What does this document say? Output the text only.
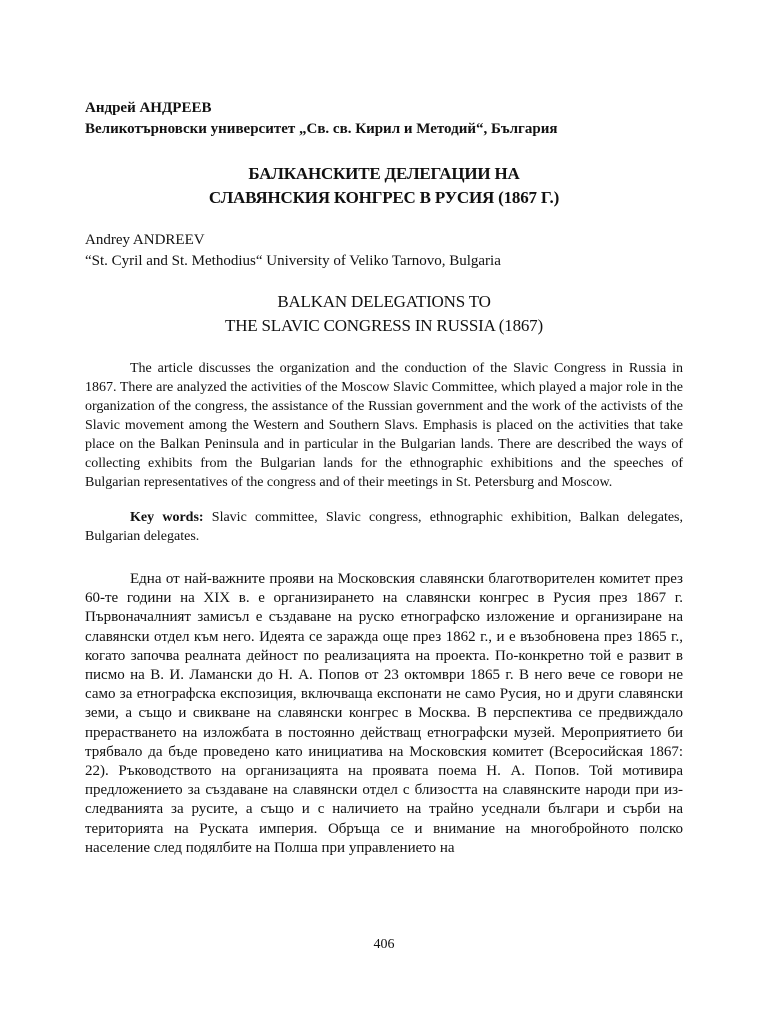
Андрей АНДРЕЕВ

Великотърновски университет „Св. св. Кирил и Методий“, България

БАЛКАНСКИТЕ ДЕЛЕГАЦИИ НА
СЛАВЯНСКИЯ КОНГРЕС В РУСИЯ (1867 Г.)

Andrey ANDREEV

“St. Cyril and St. Methodius“ University of Veliko Tarnovo, Bulgaria

BALKAN DELEGATIONS TO
THE SLAVIC CONGRESS IN RUSSIA (1867)

The article discusses the organization and the conduction of the Slavic Congress in Russia in 1867. There are analyzed the activities of the Moscow Slavic Committee, which played a major role in the organization of the congress, the assistance of the Russian government and the work of the activists of the Slavic movement among the Western and Southern Slavs. Emphasis is placed on the activities that take place on the Balkan Peninsula and in particular in the Bulgarian lands. There are described the ways of collecting exhibits from the Bulgarian lands for the ethnographic exhibitions and the speeches of Bulgarian representatives of the congress and of their meetings in St. Petersburg and Moscow.

Key words: Slavic committee, Slavic congress, ethnographic exhibition, Balkan delegates, Bulgarian delegates.

Една от най-важните прояви на Московския славянски благотворителен комитет през 60-те години на XIX в. е организирането на славянски конгрес в Русия през 1867 г. Първоначалният замисъл е създаване на руско етнографско изложение и организиране на славянски отдел към него. Идеята се заражда още през 1862 г., и е възобновена през 1865 г., когато започва реалната дейност по реализацията на проекта. По-конкретно той е развит в писмо на В. И. Ламански до Н. А. Попов от 23 октомври 1865 г. В него вече се говори не само за етнографска експозиция, включваща експонати не само Русия, но и други славянски земи, а също и свикване на славянски конгрес в Москва. В перспектива се предвиждало прерастването на изложбата в постоянно действащ етнографски музей. Мероприятието би трябвало да бъде проведено като инициатива на Московския комитет (Всеросийская 1867: 22). Ръководството на организацията на проявата поема Н. А. Попов. Той мотивира предложението за създаване на славянски отдел с близостта на славянските народи при изследванията за русите, а също и с наличието на трайно уседнали българи и сърби на територията на Руската империя. Обръща се и внимание на многобройното полско население след подялбите на Полша при управлението на

406
